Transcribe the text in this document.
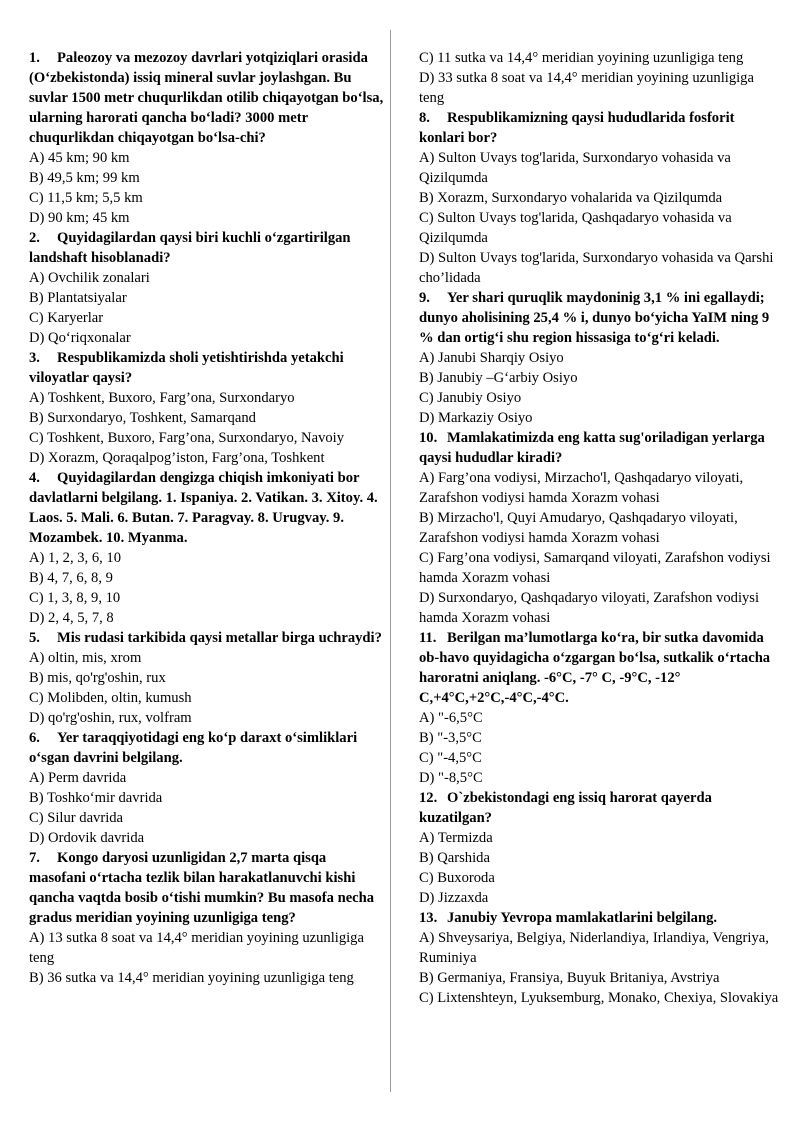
1. Paleozoy va mezozoy davrlari yotqiziqlari orasida (O‘zbekistonda) issiq mineral suvlar joylashgan. Bu suvlar 1500 metr chuqurlikdan otilib chiqayotgan bo‘lsa, ularning harorati qancha bo‘ladi? 3000 metr chuqurlikdan chiqayotgan bo‘lsa-chi?
A) 45 km; 90 km
B) 49,5 km; 99 km
C) 11,5 km; 5,5 km
D) 90 km; 45 km
2. Quyidagilardan qaysi biri kuchli o‘zgartirilgan landshaft hisoblanadi?
A) Ovchilik zonalari
B) Plantatsiyalar
C) Karyerlar
D) Qo‘riqxonalar
3. Respublikamizda sholi yetishtirishda yetakchi viloyatlar qaysi?
A) Toshkent, Buxoro, Farg’ona, Surxondaryo
B) Surxondaryo, Toshkent, Samarqand
C) Toshkent, Buxoro, Farg’ona, Surxondaryo, Navoiy
D) Xorazm, Qoraqalpog’iston, Farg’ona, Toshkent
4. Quyidagilardan dengizga chiqish imkoniyati bor davlatlarni belgilang. 1. Ispaniya. 2. Vatikan. 3. Xitoy. 4. Laos. 5. Mali. 6. Butan. 7. Paragvay. 8. Urugvay. 9. Mozambek. 10. Myanma.
A) 1, 2, 3, 6, 10
B) 4, 7, 6, 8, 9
C) 1, 3, 8, 9, 10
D) 2, 4, 5, 7, 8
5. Mis rudasi tarkibida qaysi metallar birga uchraydi?
A) oltin, mis, xrom
B) mis, qo'rg'oshin, rux
C) Molibden, oltin, kumush
D) qo'rg'oshin, rux, volfram
6. Yer taraqqiyotidagi eng ko‘p daraxt o‘simliklari o‘sgan davrini belgilang.
A) Perm davrida
B) Toshko‘mir davrida
C) Silur davrida
D) Ordovik davrida
7. Kongo daryosi uzunligidan 2,7 marta qisqa masofani o‘rtacha tezlik bilan harakatlanuvchi kishi qancha vaqtda bosib o‘tishi mumkin? Bu masofa necha gradus meridian yoyining uzunligiga teng?
A) 13 sutka 8 soat va 14,4° meridian yoyining uzunligiga teng
B) 36 sutka va 14,4° meridian yoyining uzunligiga teng
C) 11 sutka va 14,4° meridian yoyining uzunligiga teng
D) 33 sutka 8 soat va 14,4° meridian yoyining uzunligiga teng
8. Respublikamizning qaysi hududlarida fosforit konlari bor?
A) Sulton Uvays tog'larida, Surxondaryo vohasida va Qizilqumda
B) Xorazm, Surxondaryo vohalarida va Qizilqumda
C) Sulton Uvays tog'larida, Qashqadaryo vohasida va Qizilqumda
D) Sulton Uvays tog'larida, Surxondaryo vohasida va Qarshi cho’lidada
9. Yer shari quruqlik maydoninig 3,1 % ini egallaydi; dunyo aholisining 25,4 % i, dunyo bo‘yicha YaIM ning 9 % dan ortig‘i shu region hissasiga to‘g‘ri keladi.
A) Janubi Sharqiy Osiyo
B) Janubiy –G‘arbiy Osiyo
C) Janubiy Osiyo
D) Markaziy Osiyo
10. Mamlakatimizda eng katta sug'oriladigan yerlarga qaysi hududlar kiradi?
A) Farg’ona vodiysi, Mirzacho'l, Qashqadaryo viloyati, Zarafshon vodiysi hamda Xorazm vohasi
B) Mirzacho'l, Quyi Amudaryo, Qashqadaryo viloyati, Zarafshon vodiysi hamda Xorazm vohasi
C) Farg’ona vodiysi, Samarqand viloyati, Zarafshon vodiysi hamda Xorazm vohasi
D) Surxondaryo, Qashqadaryo viloyati, Zarafshon vodiysi hamda Xorazm vohasi
11. Berilgan ma’lumotlarga ko‘ra, bir sutka davomida ob-havo quyidagicha o‘zgargan bo‘lsa, sutkalik o‘rtacha haroratni aniqlang. -6°C, -7° C, -9°C, -12° C,+4°C,+2°C,-4°C,-4°C.
A) "-6,5°C
B) "-3,5°C
C) "-4,5°C
D) "-8,5°C
12. O`zbekistondagi eng issiq harorat qayerda kuzatilgan?
A) Termizda
B) Qarshida
C) Buxoroda
D) Jizzaxda
13. Janubiy Yevropa mamlakatlarini belgilang.
A) Shveysariya, Belgiya, Niderlandiya, Irlandiya, Vengriya, Ruminiya
B) Germaniya, Fransiya, Buyuk Britaniya, Avstriya
C) Lixtenshteyn, Lyuksemburg, Monako, Chexiya, Slovakiya
